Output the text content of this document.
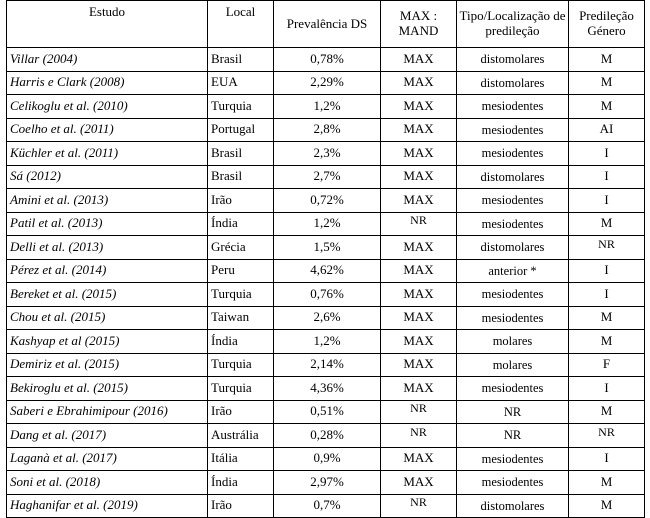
Estudo	Local	Prevalência DS	MAX : MAND	Tipo/Localização de predileção	Predileção Género
Villar (2004)	Brasil	0,78%	MAX	distomolares	M
Harris e Clark (2008)	EUA	2,29%	MAX	distomolares	M
Celikoglu et al. (2010)	Turquia	1,2%	MAX	mesiodentes	M
Coelho et al. (2011)	Portugal	2,8%	MAX	mesiodentes	AI
Küchler et al. (2011)	Brasil	2,3%	MAX	mesiodentes	I
Sá (2012)	Brasil	2,7%	MAX	distomolares	I
Amini et al. (2013)	Irão	0,72%	MAX	mesiodentes	I
Patil et al. (2013)	Índia	1,2%	NR	mesiodentes	M
Delli et al. (2013)	Grécia	1,5%	MAX	distomolares	NR
Pérez et al. (2014)	Peru	4,62%	MAX	anterior *	I
Bereket et al. (2015)	Turquia	0,76%	MAX	mesiodentes	I
Chou et al. (2015)	Taiwan	2,6%	MAX	mesiodentes	M
Kashyap et al (2015)	Índia	1,2%	MAX	molares	M
Demiriz et al. (2015)	Turquia	2,14%	MAX	molares	F
Bekiroglu et al. (2015)	Turquia	4,36%	MAX	mesiodentes	I
Saberi e Ebrahimipour (2016)	Irão	0,51%	NR	NR	M
Dang et al. (2017)	Austrália	0,28%	NR	NR	NR
Laganà et al. (2017)	Itália	0,9%	MAX	mesiodentes	I
Soni et al. (2018)	Índia	2,97%	MAX	mesiodentes	M
Haghanifar et al. (2019)	Irão	0,7%	NR	distomolares	M
